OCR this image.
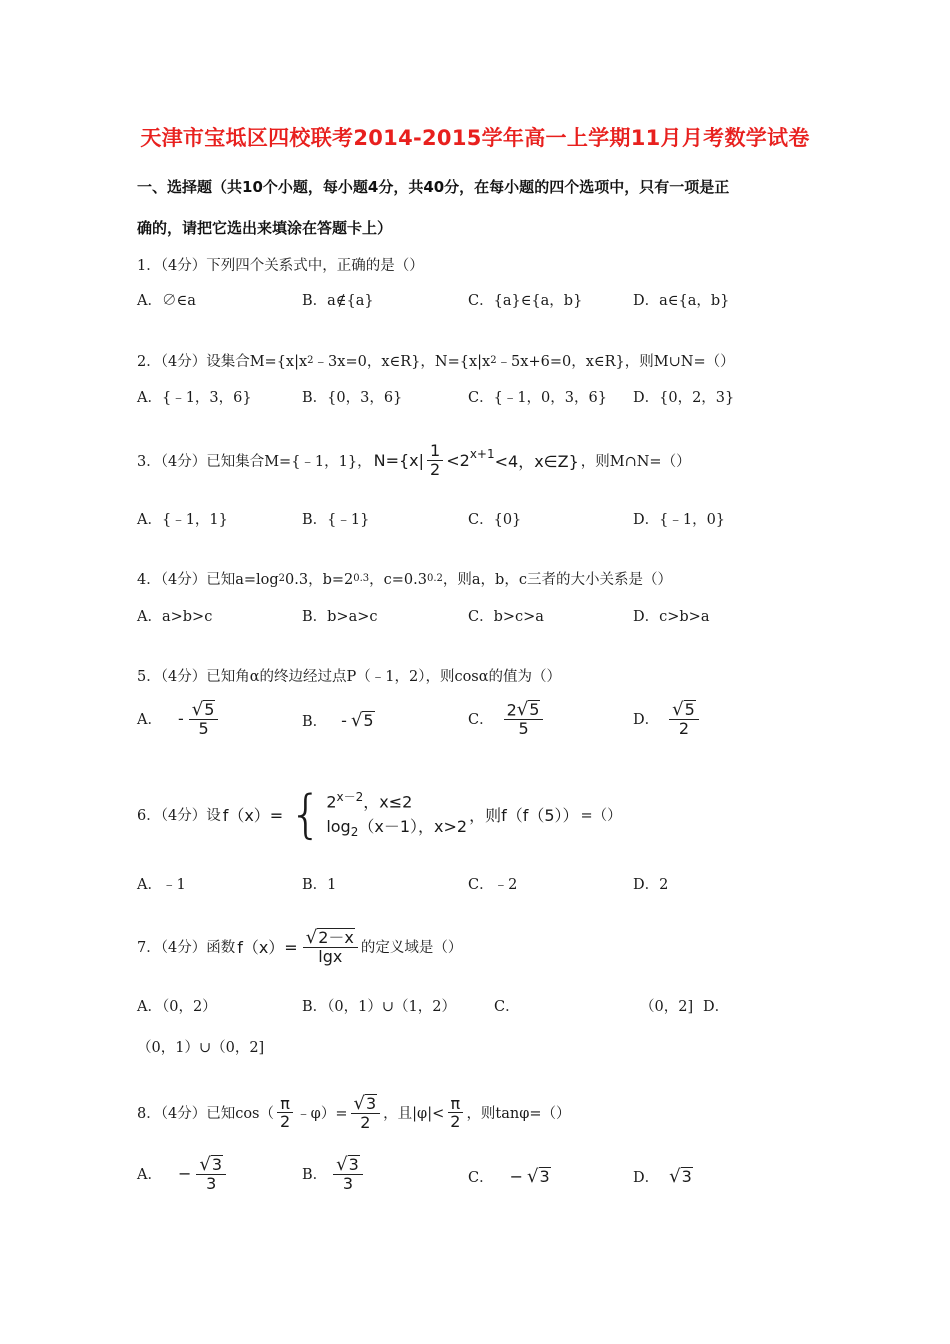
天津市宝坻区四校联考2014-2015学年高一上学期11月月考数学试卷
一、选择题（共10个小题，每小题4分，共40分，在每小题的四个选项中，只有一项是正
确的，请把它选出来填涂在答题卡上）
1．（4分）下列四个关系式中，正确的是（）
A．∅∈a	B．a∉{a}	C．{a}∈{a，b}	D．a∈{a，b}
2．（4分）设集合M={x|x 2 ﹣3x=0，x∈R}，N={x|x 2 ﹣5x+6=0，x∈R}，则M∪N=（）
A．{﹣1，3，6}	B．{0，3，6}	C．{﹣1，0，3，6} D．{0，2，3}
3．（4分）已知集合M={﹣1，1}， $N=\{x| \frac{1}{2} <2^{x+1} <4$，x∈Z} ，则M∩N=（）
A．{﹣1，1}	B．{﹣1}	C．{0}	D．{﹣1，0}
4．（4分）已知a=log 2 0.3，b=2 0.3 ，c=0.3 0.2 ，则a，b，c三者的大小关系是（）
A．a>b>c	B．b>a>c	C．b>c>a	D．c>b>a
5．（4分）已知角α的终边经过点P（﹣1，2），则cosα的值为（）
A． - $\frac{√ 5}{5}$	B． - √ 5	C． $\frac{2 √ 5}{5}$	D． $\frac{√ 5}{2}$
6．（4分）设 f（x）= { $2^{x-2}$，x≤2
$\log_2(x-1)$，x>2
，则f（f（5）） =（）
A．﹣1	B．1	C．﹣2	D．2
7．（4分）函数 $f(x)= \frac{√ 2-x}{\lg x}$ 的定义域是（）
A．（0，2）	B．（0，1）∪（1，2）	C．	（0，2] D．
（0，1）∪（0，2]
8．（4分）已知$\cos( \frac{\pi}{2}$ ﹣φ）= $\frac{√ 3}{2}$ ，且$|\varphi|< \frac{\pi}{2}$ ，则tanφ=（）
A． − $\frac{√ 3}{3}$	B． $\frac{√ 3}{3}$	C． − √ 3	D． √ 3
